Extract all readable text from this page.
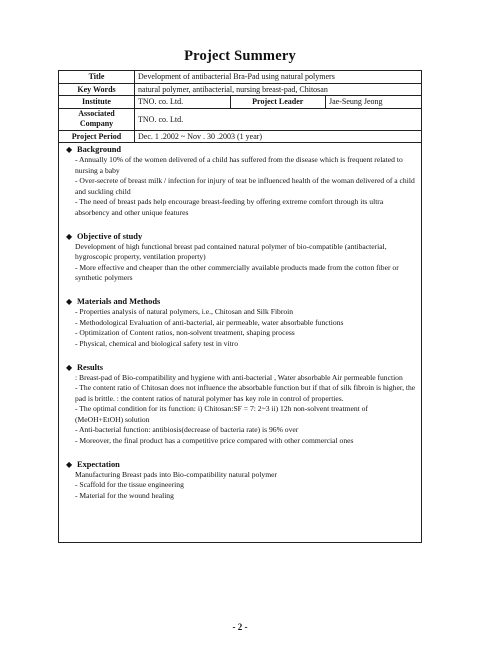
Project Summery
Title	Development of antibacterial Bra-Pad using natural polymers		
Key Words	natural polymer, antibacterial, nursing breast-pad, Chitosan		
Institute	TNO. co. Ltd.	Project Leader	Jae-Seung Jeong
Associated Company	TNO. co. Ltd.		
Project Period	Dec. 1 .2002 ~ Nov . 30 .2003 (1 year)		
◆ Background
- Annually 10% of the women delivered of a child has suffered from the disease which is frequent related to nursing a baby
- Over-secrete of breast milk / infection for injury of teat be influenced health of the woman delivered of a child and suckling child
- The need of breast pads help encourage breast-feeding by offering extreme comfort through its ultra absorbency and other unique features
◆ Objective of study
Development of high functional breast pad contained natural polymer of bio-compatible (antibacterial, hygroscopic property, ventilation property)
- More effective and cheaper than the other commercially available products made from the cotton fiber or synthetic polymers
◆ Materials and Methods
- Properties analysis of natural polymers, i.e., Chitosan and Silk Fibroin
- Methodological Evaluation of anti-bacterial, air permeable, water absorbable functions
- Optimization of Content ratios, non-solvent treatment, shaping process
- Physical, chemical and biological safety test in vitro
◆ Results
: Breast-pad of Bio-compatibility and hygiene with anti-bacterial , Water absorbable Air permeable function
- The content ratio of Chitosan does not influence the absorbable function but if that of silk fibroin is higher, the pad is brittle. : the content ratios of natural polymer has key role in control of properties.
- The optimal condition for its function: i) Chitosan:SF = 7: 2~3 ii) 12h non-solvent treatment of (MeOH+EtOH) solution
- Anti-bacterial function: antibiosis(decrease of bacteria rate) is 96% over
- Moreover, the final product has a competitive price compared with other commercial ones
◆ Expectation
Manufacturing Breast pads into Bio-compatibility natural polymer
- Scaffold for the tissue engineering
- Material for the wound healing
- 2 -
